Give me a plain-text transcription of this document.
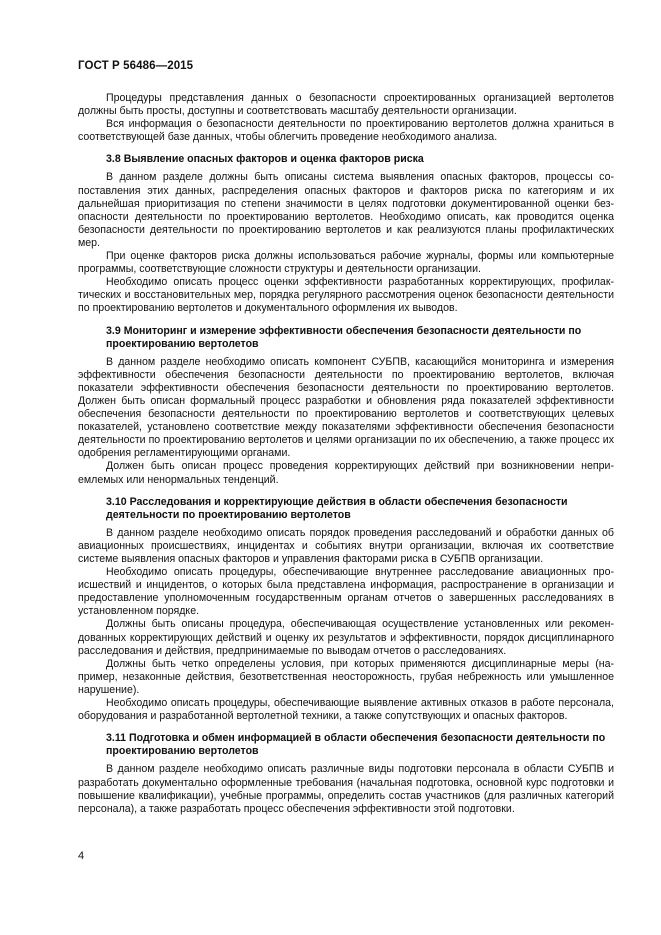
ГОСТ Р 56486—2015

Процедуры представления данных о безопасности спроектированных организацией вертолетов должны быть просты, доступны и соответствовать масштабу деятельности организации.

Вся информация о безопасности деятельности по проектированию вертолетов должна храниться в соответствующей базе данных, чтобы облегчить проведение необходимого анализа.

3.8 Выявление опасных факторов и оценка факторов риска

В данном разделе должны быть описаны система выявления опасных факторов, процессы сопоставления этих данных, распределения опасных факторов и факторов риска по категориям и их дальнейшая приоритизация по степени значимости в целях подготовки документированной оценки безопасности деятельности по проектированию вертолетов. Необходимо описать, как проводится оценка безопасности деятельности по проектированию вертолетов и как реализуются планы профилактических мер.

При оценке факторов риска должны использоваться рабочие журналы, формы или компьютерные программы, соответствующие сложности структуры и деятельности организации.

Необходимо описать процесс оценки эффективности разработанных корректирующих, профилактических и восстановительных мер, порядка регулярного рассмотрения оценок безопасности деятельности по проектированию вертолетов и документального оформления их выводов.

3.9 Мониторинг и измерение эффективности обеспечения безопасности деятельности по проектированию вертолетов

В данном разделе необходимо описать компонент СУБПВ, касающийся мониторинга и измерения эффективности обеспечения безопасности деятельности по проектированию вертолетов, включая показатели эффективности обеспечения безопасности деятельности по проектированию вертолетов. Должен быть описан формальный процесс разработки и обновления ряда показателей эффективности обеспечения безопасности деятельности по проектированию вертолетов и соответствующих целевых показателей, установлено соответствие между показателями эффективности обеспечения безопасности деятельности по проектированию вертолетов и целями организации по их обеспечению, а также процесс их одобрения регламентирующими органами.

Должен быть описан процесс проведения корректирующих действий при возникновении неприемлемых или ненормальных тенденций.

3.10 Расследования и корректирующие действия в области обеспечения безопасности деятельности по проектированию вертолетов

В данном разделе необходимо описать порядок проведения расследований и обработки данных об авиационных происшествиях, инцидентах и событиях внутри организации, включая их соответствие системе выявления опасных факторов и управления факторами риска в СУБПВ организации.

Необходимо описать процедуры, обеспечивающие внутреннее расследование авиационных происшествий и инцидентов, о которых была представлена информация, распространение в организации и предоставление уполномоченным государственным органам отчетов о завершенных расследованиях в установленном порядке.

Должны быть описаны процедура, обеспечивающая осуществление установленных или рекомендованных корректирующих действий и оценку их результатов и эффективности, порядок дисциплинарного расследования и действия, предпринимаемые по выводам отчетов о расследованиях.

Должны быть четко определены условия, при которых применяются дисциплинарные меры (например, незаконные действия, безответственная неосторожность, грубая небрежность или умышленное нарушение).

Необходимо описать процедуры, обеспечивающие выявление активных отказов в работе персонала, оборудования и разработанной вертолетной техники, а также сопутствующих и опасных факторов.

3.11 Подготовка и обмен информацией в области обеспечения безопасности деятельности по проектированию вертолетов

В данном разделе необходимо описать различные виды подготовки персонала в области СУБПВ и разработать документально оформленные требования (начальная подготовка, основной курс подготовки и повышение квалификации), учебные программы, определить состав участников (для различных категорий персонала), а также разработать процесс обеспечения эффективности этой подготовки.

4
